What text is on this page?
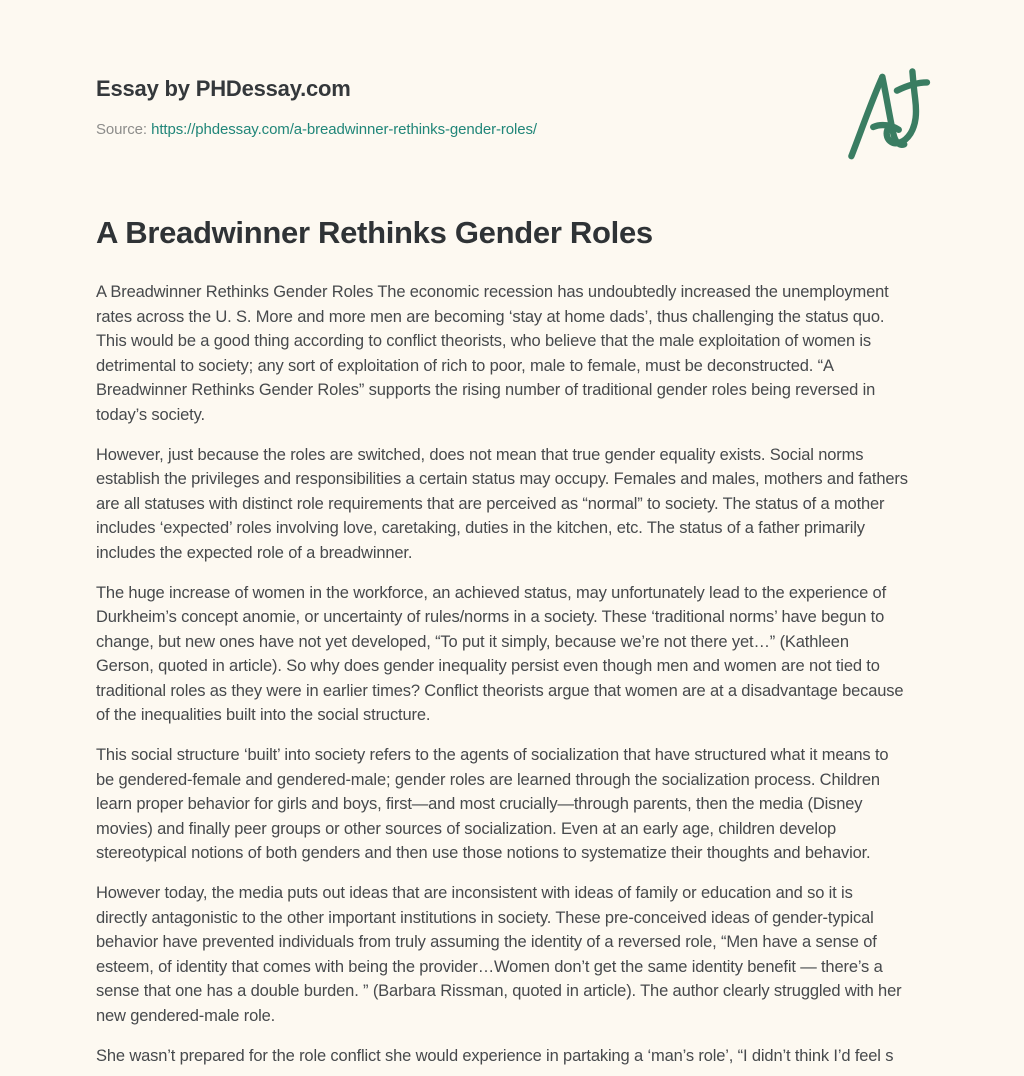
Essay by PHDessay.com
Source: https://phdessay.com/a-breadwinner-rethinks-gender-roles/
A Breadwinner Rethinks Gender Roles

A Breadwinner Rethinks Gender Roles The economic recession has undoubtedly increased the unemployment rates across the U. S. More and more men are becoming ‘stay at home dads’, thus challenging the status quo. This would be a good thing according to conflict theorists, who believe that the male exploitation of women is detrimental to society; any sort of exploitation of rich to poor, male to female, must be deconstructed. “A Breadwinner Rethinks Gender Roles” supports the rising number of traditional gender roles being reversed in today’s society.

However, just because the roles are switched, does not mean that true gender equality exists. Social norms establish the privileges and responsibilities a certain status may occupy. Females and males, mothers and fathers are all statuses with distinct role requirements that are perceived as “normal” to society. The status of a mother includes ‘expected’ roles involving love, caretaking, duties in the kitchen, etc. The status of a father primarily includes the expected role of a breadwinner.

The huge increase of women in the workforce, an achieved status, may unfortunately lead to the experience of Durkheim’s concept anomie, or uncertainty of rules/norms in a society. These ‘traditional norms’ have begun to change, but new ones have not yet developed, “To put it simply, because we’re not there yet…” (Kathleen Gerson, quoted in article). So why does gender inequality persist even though men and women are not tied to traditional roles as they were in earlier times? Conflict theorists argue that women are at a disadvantage because of the inequalities built into the social structure.

This social structure ‘built’ into society refers to the agents of socialization that have structured what it means to be gendered-female and gendered-male; gender roles are learned through the socialization process. Children learn proper behavior for girls and boys, first—and most crucially—through parents, then the media (Disney movies) and finally peer groups or other sources of socialization. Even at an early age, children develop stereotypical notions of both genders and then use those notions to systematize their thoughts and behavior.

However today, the media puts out ideas that are inconsistent with ideas of family or education and so it is directly antagonistic to the other important institutions in society. These pre-conceived ideas of gender-typical behavior have prevented individuals from truly assuming the identity of a reversed role, “Men have a sense of esteem, of identity that comes with being the provider…Women don’t get the same identity benefit — there’s a sense that one has a double burden. ” (Barbara Rissman, quoted in article). The author clearly struggled with her new gendered-male role.

She wasn’t prepared for the role conflict she would experience in partaking a ‘man’s role’, “I didn’t think I’d feel s
